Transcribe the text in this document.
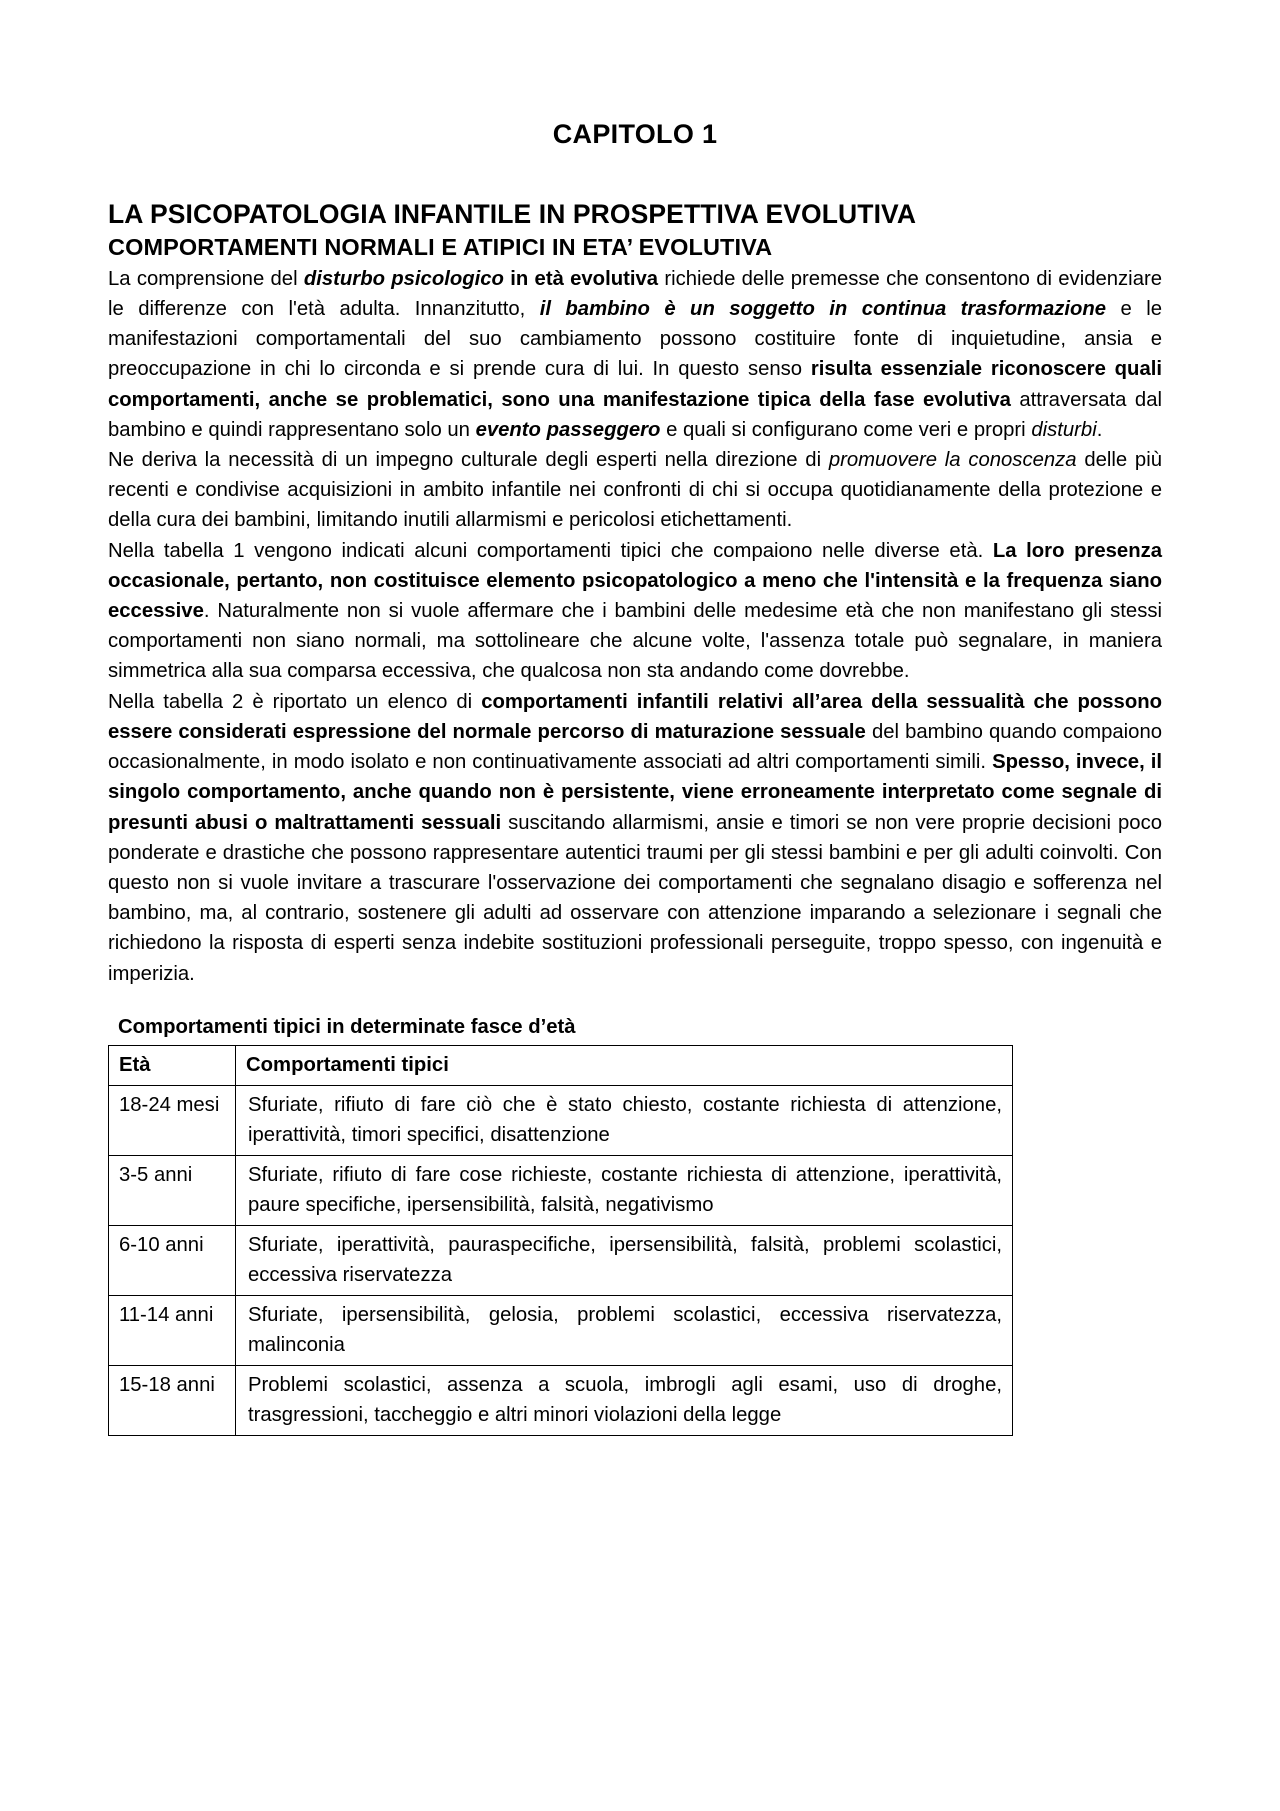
CAPITOLO 1
LA PSICOPATOLOGIA INFANTILE IN PROSPETTIVA EVOLUTIVA
COMPORTAMENTI NORMALI E ATIPICI IN ETA’ EVOLUTIVA

La comprensione del disturbo psicologico in età evolutiva richiede delle premesse che consentono di evidenziare le differenze con l'età adulta. Innanzitutto, il bambino è un soggetto in continua trasformazione e le manifestazioni comportamentali del suo cambiamento possono costituire fonte di inquietudine, ansia e preoccupazione in chi lo circonda e si prende cura di lui. In questo senso risulta essenziale riconoscere quali comportamenti, anche se problematici, sono una manifestazione tipica della fase evolutiva attraversata dal bambino e quindi rappresentano solo un evento passeggero e quali si configurano come veri e propri disturbi.

Ne deriva la necessità di un impegno culturale degli esperti nella direzione di promuovere la conoscenza delle più recenti e condivise acquisizioni in ambito infantile nei confronti di chi si occupa quotidianamente della protezione e della cura dei bambini, limitando inutili allarmismi e pericolosi etichettamenti.

Nella tabella 1 vengono indicati alcuni comportamenti tipici che compaiono nelle diverse età. La loro presenza occasionale, pertanto, non costituisce elemento psicopatologico a meno che l'intensità e la frequenza siano eccessive. Naturalmente non si vuole affermare che i bambini delle medesime età che non manifestano gli stessi comportamenti non siano normali, ma sottolineare che alcune volte, l'assenza totale può segnalare, in maniera simmetrica alla sua comparsa eccessiva, che qualcosa non sta andando come dovrebbe.

Nella tabella 2 è riportato un elenco di comportamenti infantili relativi all’area della sessualità che possono essere considerati espressione del normale percorso di maturazione sessuale del bambino quando compaiono occasionalmente, in modo isolato e non continuativamente associati ad altri comportamenti simili. Spesso, invece, il singolo comportamento, anche quando non è persistente, viene erroneamente interpretato come segnale di presunti abusi o maltrattamenti sessuali suscitando allarmismi, ansie e timori se non vere proprie decisioni poco ponderate e drastiche che possono rappresentare autentici traumi per gli stessi bambini e per gli adulti coinvolti. Con questo non si vuole invitare a trascurare l'osservazione dei comportamenti che segnalano disagio e sofferenza nel bambino, ma, al contrario, sostenere gli adulti ad osservare con attenzione imparando a selezionare i segnali che richiedono la risposta di esperti senza indebite sostituzioni professionali perseguite, troppo spesso, con ingenuità e imperizia.

Comportamenti tipici in determinate fasce d’età
Età	Comportamenti tipici
18-24 mesi	Sfuriate, rifiuto di fare ciò che è stato chiesto, costante richiesta di attenzione, iperattività, timori specifici, disattenzione
3-5 anni	Sfuriate, rifiuto di fare cose richieste, costante richiesta di attenzione, iperattività, paure specifiche, ipersensibilità, falsità, negativismo
6-10 anni	Sfuriate, iperattività, pauraspecifiche, ipersensibilità, falsità, problemi scolastici, eccessiva riservatezza
11-14 anni	Sfuriate, ipersensibilità, gelosia, problemi scolastici, eccessiva riservatezza, malinconia
15-18 anni	Problemi scolastici, assenza a scuola, imbrogli agli esami, uso di droghe, trasgressioni, taccheggio e altri minori violazioni della legge
